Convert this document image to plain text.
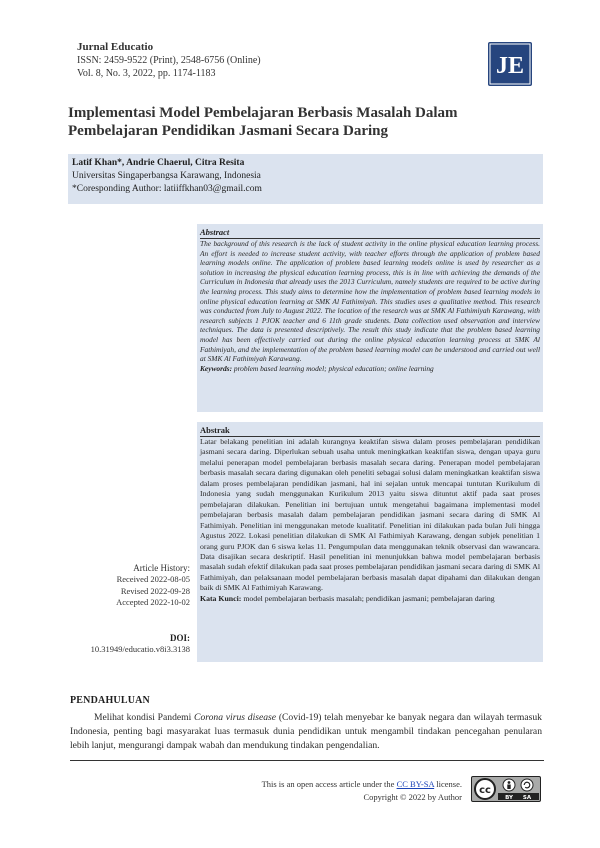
Jurnal Educatio
ISSN: 2459-9522 (Print), 2548-6756 (Online)
Vol. 8, No. 3, 2022, pp. 1174-1183	JE
Implementasi Model Pembelajaran Berbasis Masalah Dalam
Pembelajaran Pendidikan Jasmani Secara Daring
Latif Khan*, Andrie Chaerul, Citra Resita
Universitas Singaperbangsa Karawang, Indonesia
*Coresponding Author: latiiffkhan03@gmail.com
Abstract
The background of this research is the lack of student activity in the online physical education learning process. An effort is needed to increase student activity, with teacher efforts through the application of problem based learning models online. The application of problem based learning models online is used by researcher as a solution in increasing the physical education learning process, this is in line with achieving the demands of the Curriculum in Indonesia that already uses the 2013 Curriculum, namely students are required to be active during the learning process. This study aims to determine how the implementation of problem based learning models in online physical education learning at SMK Al Fathimiyah. This studies uses a qualitative method. This research was conducted from July to August 2022. The location of the research was at SMK Al Fathimiyah Karawang, with research subjects 1 PJOK teacher and 6 11th grade students. Data collection used observation and interview techniques. The data is presented descriptively. The result this study indicate that the problem based learning model has been effectively carried out during the online physical education learning process at SMK Al Fathimiyah, and the implementation of the problem based learning model can be understood and carried out well at SMK Al Fathimiyah Karawang.
Keywords: problem based learning model; physical education; online learning
Article History:
Received 2022-08-05
Revised 2022-09-28
Accepted 2022-10-02
DOI:
10.31949/educatio.v8i3.3138
Abstrak
Latar belakang penelitian ini adalah kurangnya keaktifan siswa dalam proses pembelajaran pendidikan jasmani secara daring. Diperlukan sebuah usaha untuk meningkatkan keaktifan siswa, dengan upaya guru melalui penerapan model pembelajaran berbasis masalah secara daring. Penerapan model pembelajaran berbasis masalah secara daring digunakan oleh peneliti sebagai solusi dalam meningkatkan keaktifan siswa dalam proses pembelajaran pendidikan jasmani, hal ini sejalan untuk mencapai tuntutan Kurikulum di Indonesia yang sudah menggunakan Kurikulum 2013 yaitu siswa dituntut aktif pada saat proses pembelajaran dilakukan. Penelitian ini bertujuan untuk mengetahui bagaimana implementasi model pembelajaran berbasis masalah dalam pembelajaran pendidikan jasmani secara daring di SMK Al Fathimiyah. Penelitian ini menggunakan metode kualitatif. Penelitian ini dilakukan pada bulan Juli hingga Agustus 2022. Lokasi penelitian dilakukan di SMK Al Fathimiyah Karawang, dengan subjek penelitian 1 orang guru PJOK dan 6 siswa kelas 11. Pengumpulan data menggunakan teknik observasi dan wawancara. Data disajikan secara deskriptif. Hasil penelitian ini menunjukkan bahwa model pembelajaran berbasis masalah sudah efektif dilakukan pada saat proses pembelajaran pendidikan jasmani secara daring di SMK Al Fathimiyah, dan pelaksanaan model pembelajaran berbasis masalah dapat dipahami dan dilakukan dengan baik di SMK Al Fathimiyah Karawang.
Kata Kunci: model pembelajaran berbasis masalah; pendidikan jasmani; pembelajaran daring
PENDAHULUAN
Melihat kondisi Pandemi Corona virus disease (Covid-19) telah menyebar ke banyak negara dan wilayah termasuk Indonesia, penting bagi masyarakat luas termasuk dunia pendidikan untuk mengambil tindakan pencegahan penularan lebih lanjut, mengurangi dampak wabah dan mendukung tindakan pengendalian.
This is an open access article under the CC BY-SA license.
Copyright © 2022 by Author
cc
BY SA
